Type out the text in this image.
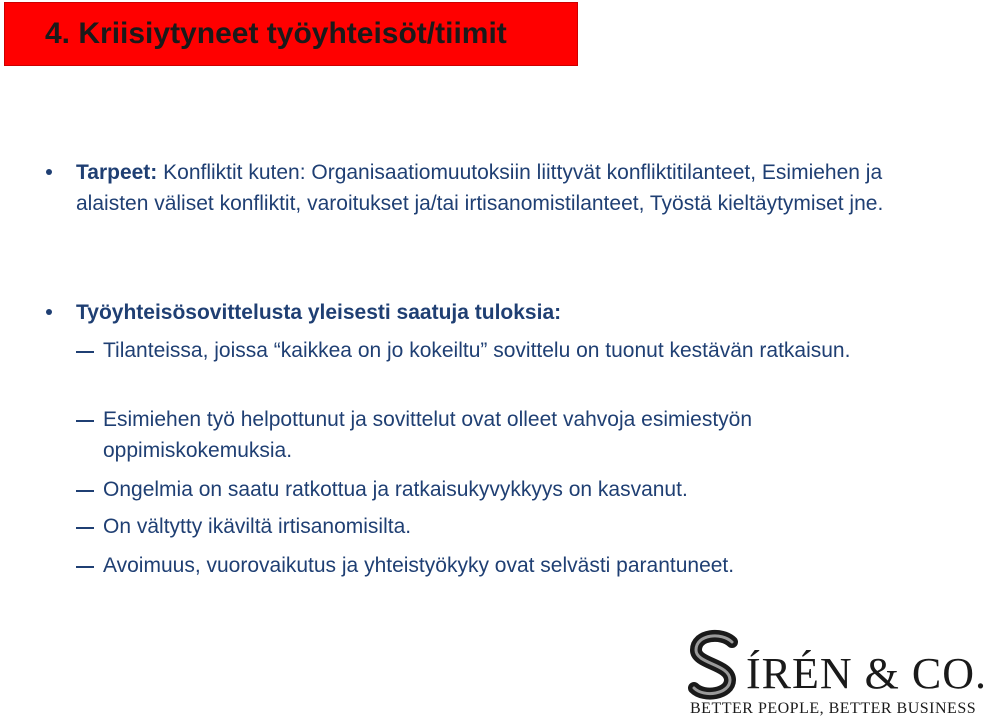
4. Kriisiytyneet työyhteisöt/tiimit
Tarpeet: Konfliktit kuten: Organisaatiomuutoksiin liittyvät konfliktitilanteet, Esimiehen ja alaisten väliset konfliktit, varoitukset ja/tai irtisanomistilanteet, Työstä kieltäytymiset jne.
Työyhteisösovittelusta yleisesti saatuja tuloksia:
Tilanteissa, joissa “kaikkea on jo kokeiltu” sovittelu on tuonut kestävän ratkaisun.
Esimiehen työ helpottunut ja sovittelut ovat olleet vahvoja esimiestyön oppimiskokemuksia.
Ongelmia on saatu ratkottua ja ratkaisukyvykkyys on kasvanut.
On vältytty ikäviltä irtisanomisilta.
Avoimuus, vuorovaikutus ja yhteistyökyky ovat selvästi parantuneet.
ÍRÉN & CO.
BETTER PEOPLE, BETTER BUSINESS
